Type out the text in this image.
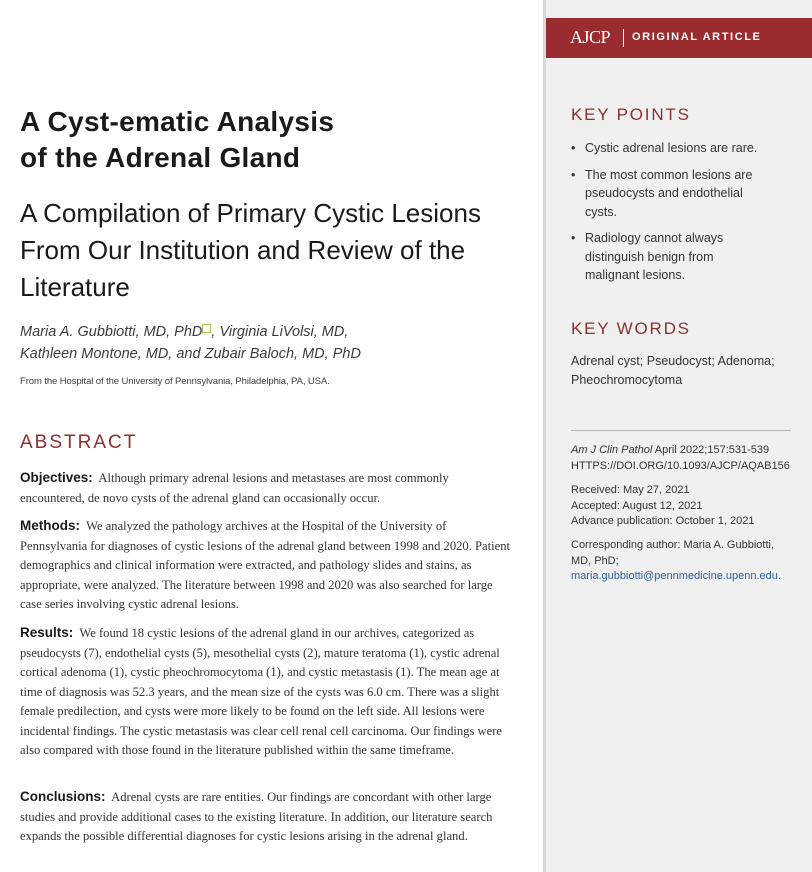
A Cyst-ematic Analysis
of the Adrenal Gland
A Compilation of Primary Cystic Lesions
From Our Institution and Review of the
Literature
Maria A. Gubbiotti, MD, PhD , Virginia LiVolsi, MD,
Kathleen Montone, MD, and Zubair Baloch, MD, PhD
From the Hospital of the University of Pennsylvania, Philadelphia, PA, USA.
ABSTRACT
Objectives: Although primary adrenal lesions and metastases are most commonly encountered, de novo cysts of the adrenal gland can occasionally occur.
Methods: We analyzed the pathology archives at the Hospital of the University of Pennsylvania for diagnoses of cystic lesions of the adrenal gland between 1998 and 2020. Patient demographics and clinical information were extracted, and pathology slides and stains, as appropriate, were analyzed. The literature between 1998 and 2020 was also searched for large case series involving cystic adrenal lesions.
Results: We found 18 cystic lesions of the adrenal gland in our archives, categorized as pseudocysts (7), endothelial cysts (5), mesothelial cysts (2), mature teratoma (1), cystic adrenal cortical adenoma (1), cystic pheochromocytoma (1), and cystic metastasis (1). The mean age at time of diagnosis was 52.3 years, and the mean size of the cysts was 6.0 cm. There was a slight female predilection, and cysts were more likely to be found on the left side. All lesions were incidental findings. The cystic metastasis was clear cell renal cell carcinoma. Our findings were also compared with those found in the literature published within the same timeframe.
Conclusions: Adrenal cysts are rare entities. Our findings are concordant with other large studies and provide additional cases to the existing literature. In addition, our literature search expands the possible differential diagnoses for cystic lesions arising in the adrenal gland.
AJCP ORIGINAL ARTICLE
KEY POINTS
• Cystic adrenal lesions are rare.
• The most common lesions are pseudocysts and endothelial cysts.
• Radiology cannot always distinguish benign from malignant lesions.
KEY WORDS
Adrenal cyst; Pseudocyst; Adenoma; Pheochromocytoma
Am J Clin Pathol April 2022;157:531-539
HTTPS://DOI.ORG/10.1093/AJCP/AQAB156
Received: May 27, 2021
Accepted: August 12, 2021
Advance publication: October 1, 2021
Corresponding author: Maria A. Gubbiotti, MD, PhD; maria.gubbiotti@pennmedicine.upenn.edu.
